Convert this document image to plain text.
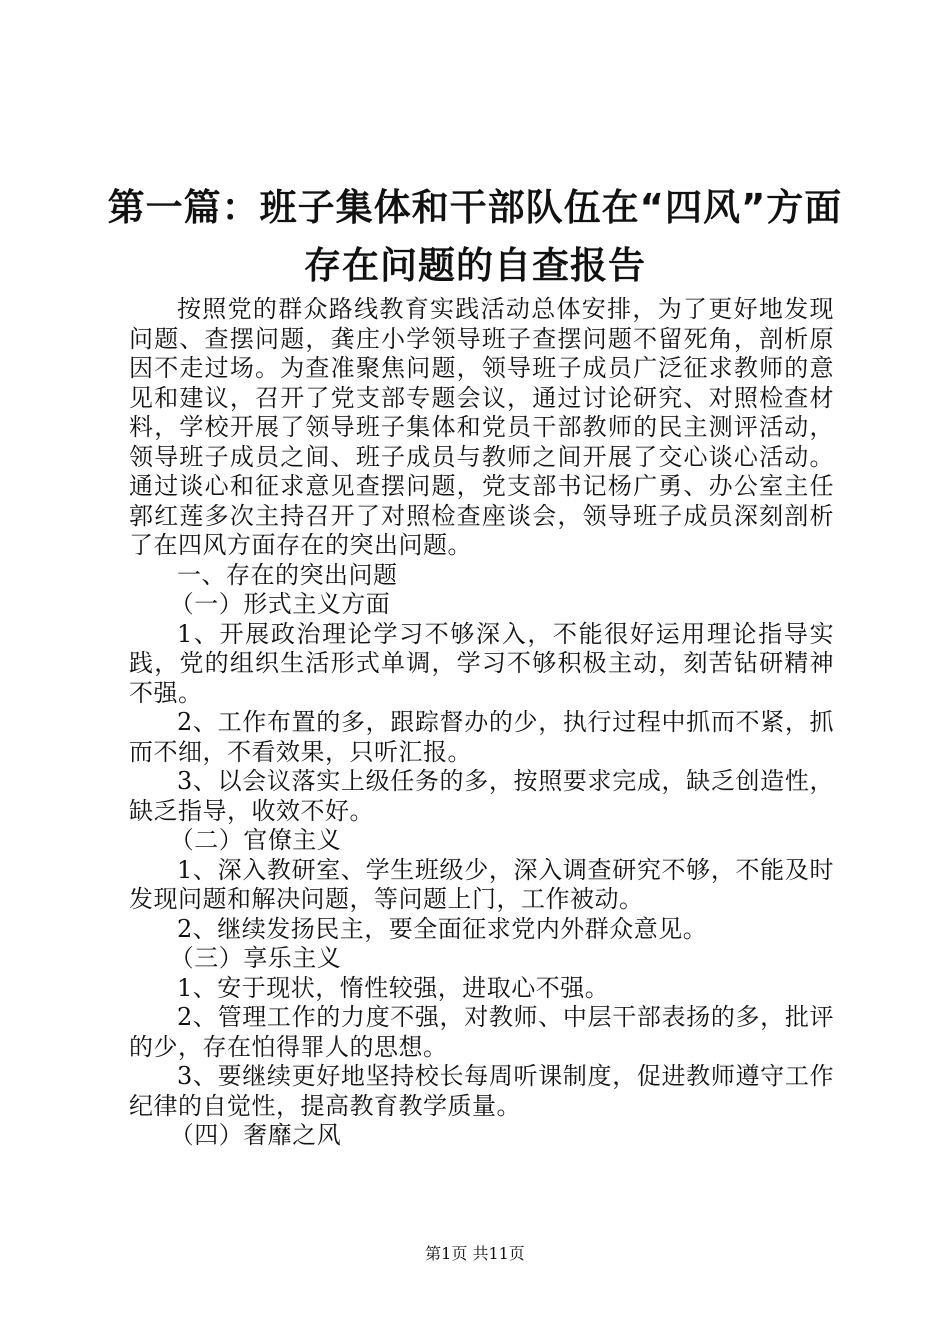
第一篇：班子集体和干部队伍在“四风”方面
存在问题的自查报告

按照党的群众路线教育实践活动总体安排，为了更好地发现问题、查摆问题，龚庄小学领导班子查摆问题不留死角，剖析原因不走过场。为查准聚焦问题，领导班子成员广泛征求教师的意见和建议，召开了党支部专题会议，通过讨论研究、对照检查材料，学校开展了领导班子集体和党员干部教师的民主测评活动，领导班子成员之间、班子成员与教师之间开展了交心谈心活动。通过谈心和征求意见查摆问题，党支部书记杨广勇、办公室主任郭红莲多次主持召开了对照检查座谈会，领导班子成员深刻剖析了在四风方面存在的突出问题。

一、存在的突出问题

（一）形式主义方面

1、开展政治理论学习不够深入，不能很好运用理论指导实践，党的组织生活形式单调，学习不够积极主动，刻苦钻研精神不强。

2、工作布置的多，跟踪督办的少，执行过程中抓而不紧，抓而不细，不看效果，只听汇报。

3、以会议落实上级任务的多，按照要求完成，缺乏创造性，缺乏指导，收效不好。

（二）官僚主义

1、深入教研室、学生班级少，深入调查研究不够，不能及时发现问题和解决问题，等问题上门，工作被动。

2、继续发扬民主，要全面征求党内外群众意见。

（三）享乐主义

1、安于现状，惰性较强，进取心不强。

2、管理工作的力度不强，对教师、中层干部表扬的多，批评的少，存在怕得罪人的思想。

3、要继续更好地坚持校长每周听课制度，促进教师遵守工作纪律的自觉性，提高教育教学质量。

（四）奢靡之风

第1页 共11页
